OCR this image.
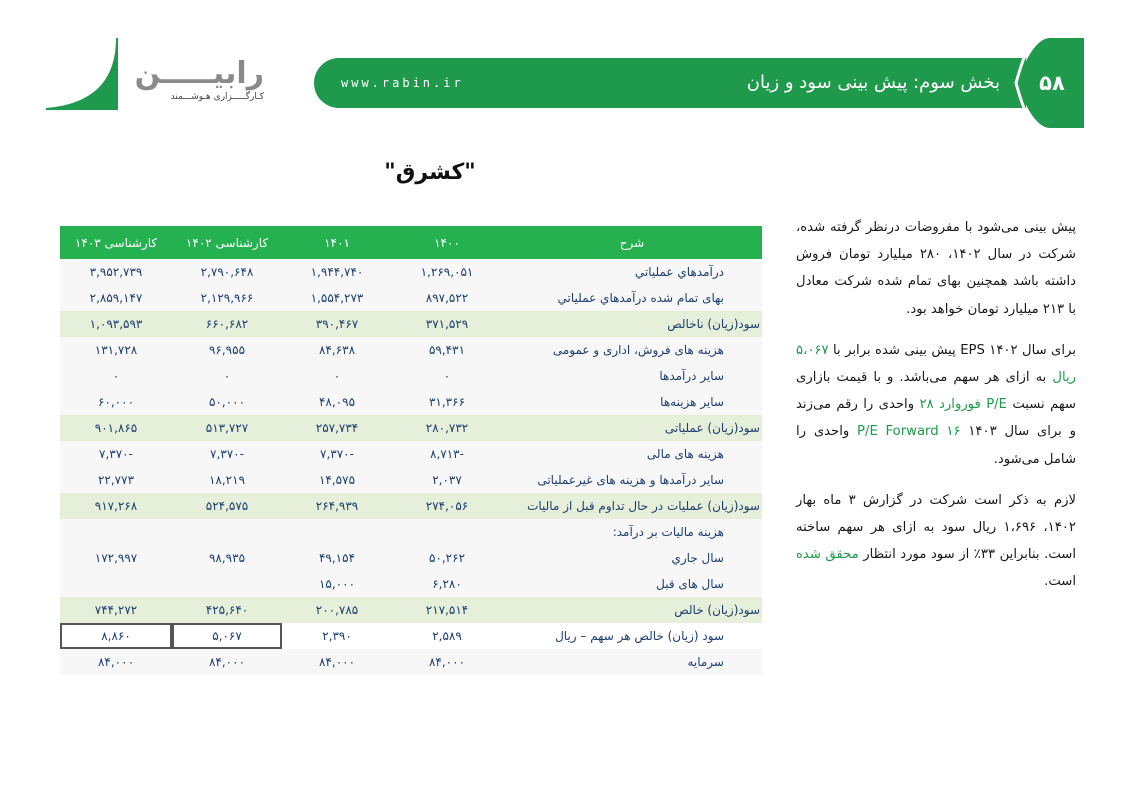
رابیـــــن
کـارگـــــزاری هـوشـــمند
www.rabin.ir	بخش سوم: پیش بینی سود و زیان	۵۸
"کشرق"
شرح	۱۴۰۰	۱۴۰۱	کارشناسی ۱۴۰۲	کارشناسی ۱۴۰۳
درآمدهاي عملياتي	۱,۲۶۹,۰۵۱	۱,۹۴۴,۷۴۰	۲,۷۹۰,۶۴۸	۳,۹۵۲,۷۳۹
بهای تمام شده درآمدهاي عملياتي	۸۹۷,۵۲۲	۱,۵۵۴,۲۷۳	۲,۱۲۹,۹۶۶	۲,۸۵۹,۱۴۷
سود(زيان) ناخالص	۳۷۱,۵۲۹	۳۹۰,۴۶۷	۶۶۰,۶۸۲	۱,۰۹۳,۵۹۳
هزينه های فروش، اداری و عمومی	۵۹,۴۳۱	۸۴,۶۳۸	۹۶,۹۵۵	۱۳۱,۷۲۸
ساير درآمدها	۰	۰	۰	۰
ساير هزينه‌ها	۳۱,۳۶۶	۴۸,۰۹۵	۵۰,۰۰۰	۶۰,۰۰۰
سود(زيان) عملياتی	۲۸۰,۷۳۲	۲۵۷,۷۳۴	۵۱۳,۷۲۷	۹۰۱,۸۶۵
هزينه های مالی	-۸,۷۱۳	-۷,۳۷۰	-۷,۳۷۰	-۷,۳۷۰
ساير درآمدها و هزينه های غيرعملياتی	۲,۰۳۷	۱۴,۵۷۵	۱۸,۲۱۹	۲۲,۷۷۳
سود(زيان) عمليات در حال تداوم قبل از ماليات	۲۷۴,۰۵۶	۲۶۴,۹۳۹	۵۲۴,۵۷۵	۹۱۷,۲۶۸
هزينه ماليات بر درآمد:				
سال جاري	۵۰,۲۶۲	۴۹,۱۵۴	۹۸,۹۳۵	۱۷۲,۹۹۷
سال های قبل	۶,۲۸۰	۱۵,۰۰۰		
سود(زيان) خالص	۲۱۷,۵۱۴	۲۰۰,۷۸۵	۴۲۵,۶۴۰	۷۴۴,۲۷۲
سود (زيان) خالص هر سهم – ريال	۲,۵۸۹	۲,۳۹۰	۵,۰۶۷	۸,۸۶۰
سرمايه	۸۴,۰۰۰	۸۴,۰۰۰	۸۴,۰۰۰	۸۴,۰۰۰

پیش بینی می‌شود با مفروضات درنظر گرفته شده، شرکت در سال ۱۴۰۲، ۲۸۰ میلیارد تومان فروش داشته باشد همچنین بهای تمام شده شرکت معادل با ۲۱۳ میلیارد تومان خواهد بود.

برای سال ۱۴۰۲ EPS پیش بینی شده برابر با ۵،۰۶۷ ریال به ازای هر سهم می‌باشد. و با قیمت بازاری سهم نسبت P/E فوروارد ۲۸ واحدی را رقم می‌زند و برای سال ۱۴۰۳ P/E Forward ۱۶ واحدی را شامل می‌شود.

لازم به ذکر است شرکت در گزارش ۳ ماه بهار ۱۴۰۲، ۱،۶۹۶ ریال سود به ازای هر سهم ساخته است. بنابراین ۳۳٪ از سود مورد انتظار محقق شده است.
